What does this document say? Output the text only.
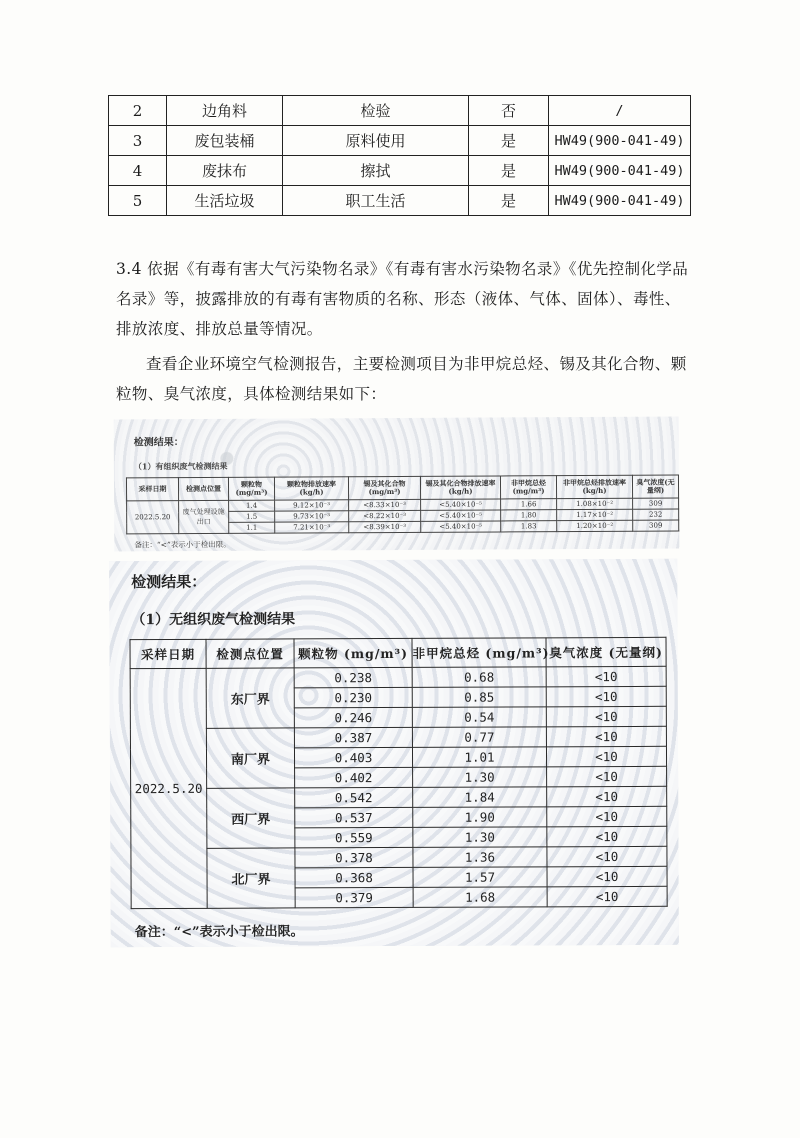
2	边角料	检验	否	/
3	废包装桶	原料使用	是	HW49(900-041-49)
4	废抹布	擦拭	是	HW49(900-041-49)
5	生活垃圾	职工生活	是	HW49(900-041-49)
3.4 依据《有毒有害大气污染物名录》《有毒有害水污染物名录》《优先控制化学品名录》等，披露排放的有毒有害物质的名称、形态（液体、气体、固体）、毒性、排放浓度、排放总量等情况。
查看企业环境空气检测报告，主要检测项目为非甲烷总烃、锡及其化合物、颗粒物、臭气浓度，具体检测结果如下：
检测结果：
（1）有组织废气检测结果
采样日期	检测点位置	颗粒物(mg/m³)	颗粒物排放速率(kg/h)	锡及其化合物(mg/m³)	锡及其化合物排放速率(kg/h)	非甲烷总烃(mg/m³)	非甲烷总烃排放速率(kg/h)	臭气浓度(无量纲)
2022.5.20	废气处理设施出口	1.4	9.12×10⁻³	<8.33×10⁻³	<5.40×10⁻⁵	1.66	1.08×10⁻²	309
		1.5	9.73×10⁻³	<8.22×10⁻³	<5.40×10⁻⁵	1.80	1.17×10⁻²	232
		1.1	7.21×10⁻³	<8.39×10⁻³	<5.40×10⁻⁵	1.83	1.20×10⁻²	309
备注：“<”表示小于检出限。
检测结果：
（1）无组织废气检测结果
采样日期	检测点位置	颗粒物 (mg/m³)	非甲烷总烃 (mg/m³)	臭气浓度 (无量纲)
2022.5.20	东厂界	0.238	0.68	<10
		0.230	0.85	<10
		0.246	0.54	<10
	南厂界	0.387	0.77	<10
		0.403	1.01	<10
		0.402	1.30	<10
	西厂界	0.542	1.84	<10
		0.537	1.90	<10
		0.559	1.30	<10
	北厂界	0.378	1.36	<10
		0.368	1.57	<10
		0.379	1.68	<10
备注：“<”表示小于检出限。
